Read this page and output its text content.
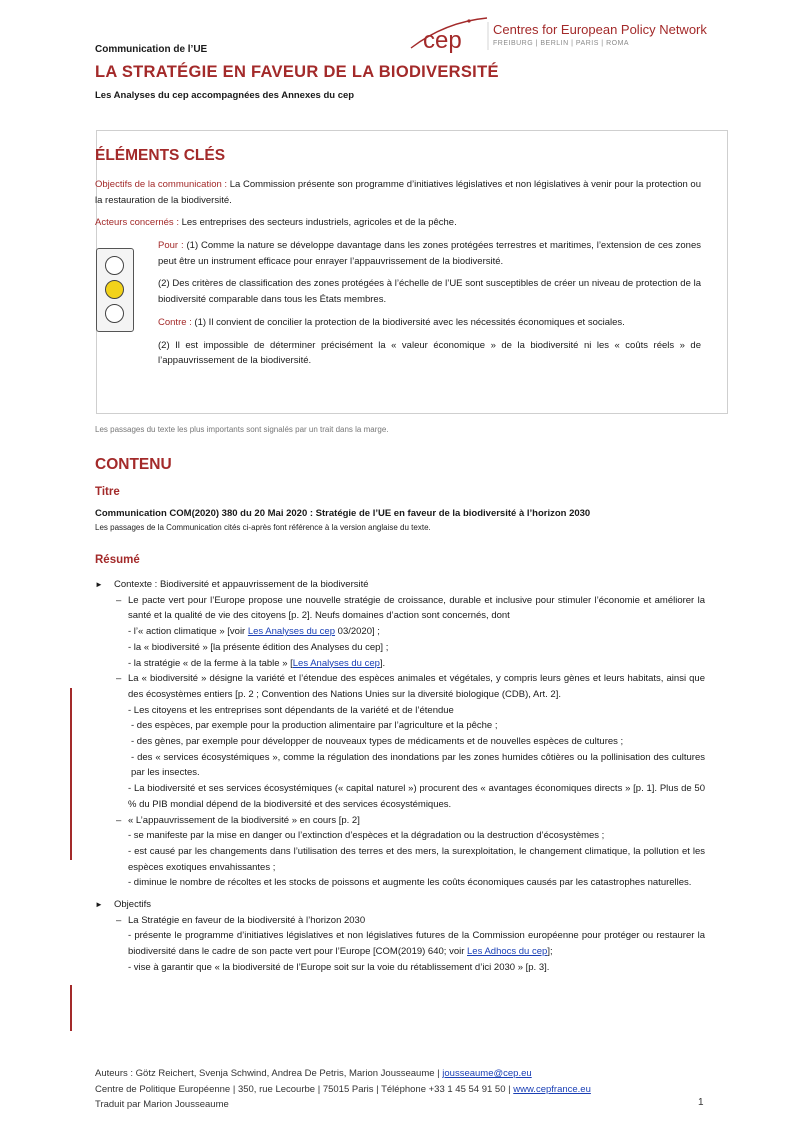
Communication de l’UE
LA STRATÉGIE EN FAVEUR DE LA BIODIVERSITÉ
Les Analyses du cep accompagnées des Annexes du cep
cep Centres for European Policy Network
FREIBURG | BERLIN | PARIS | ROMA
ÉLÉMENTS CLÉS
Objectifs de la communication : La Commission présente son programme d’initiatives législatives et non législatives à venir pour la protection ou la restauration de la biodiversité.
Acteurs concernés : Les entreprises des secteurs industriels, agricoles et de la pêche.

Pour : (1) Comme la nature se développe davantage dans les zones protégées terrestres et maritimes, l’extension de ces zones peut être un instrument efficace pour enrayer l’appauvrissement de la biodiversité.

(2) Des critères de classification des zones protégées à l’échelle de l’UE sont susceptibles de créer un niveau de protection de la biodiversité comparable dans tous les États membres.

Contre : (1) Il convient de concilier la protection de la biodiversité avec les nécessités économiques et sociales.

(2) Il est impossible de déterminer précisément la « valeur économique » de la biodiversité ni les « coûts réels » de l’appauvrissement de la biodiversité.

Les passages du texte les plus importants sont signalés par un trait dans la marge.
CONTENU
Titre
Communication COM(2020) 380 du 20 Mai 2020 : Stratégie de l’UE en faveur de la biodiversité à l’horizon 2030
Les passages de la Communication cités ci-après font référence à la version anglaise du texte.
Résumé
► Contexte : Biodiversité et appauvrissement de la biodiversité
– Le pacte vert pour l’Europe propose une nouvelle stratégie de croissance, durable et inclusive pour stimuler l’économie et améliorer la santé et la qualité de vie des citoyens [p. 2]. Neufs domaines d’action sont concernés, dont
- l’« action climatique » [voir Les Analyses du cep 03/2020] ;
- la « biodiversité » [la présente édition des Analyses du cep] ;
- la stratégie « de la ferme à la table » [Les Analyses du cep].
– La « biodiversité » désigne la variété et l’étendue des espèces animales et végétales, y compris leurs gènes et leurs habitats, ainsi que des écosystèmes entiers [p. 2 ; Convention des Nations Unies sur la diversité biologique (CDB), Art. 2].
- Les citoyens et les entreprises sont dépendants de la variété et de l’étendue
- des espèces, par exemple pour la production alimentaire par l’agriculture et la pêche ;
- des gènes, par exemple pour développer de nouveaux types de médicaments et de nouvelles espèces de cultures ;
- des « services écosystémiques », comme la régulation des inondations par les zones humides côtières ou la pollinisation des cultures par les insectes.
- La biodiversité et ses services écosystémiques (« capital naturel ») procurent des « avantages économiques directs » [p. 1]. Plus de 50 % du PIB mondial dépend de la biodiversité et des services écosystémiques.
– « L’appauvrissement de la biodiversité » en cours [p. 2]
- se manifeste par la mise en danger ou l’extinction d’espèces et la dégradation ou la destruction d’écosystèmes ;
- est causé par les changements dans l’utilisation des terres et des mers, la surexploitation, le changement climatique, la pollution et les espèces exotiques envahissantes ;
- diminue le nombre de récoltes et les stocks de poissons et augmente les coûts économiques causés par les catastrophes naturelles.
► Objectifs
– La Stratégie en faveur de la biodiversité à l’horizon 2030
- présente le programme d’initiatives législatives et non législatives futures de la Commission européenne pour protéger ou restaurer la biodiversité dans le cadre de son pacte vert pour l’Europe [COM(2019) 640; voir Les Adhocs du cep];
- vise à garantir que « la biodiversité de l’Europe soit sur la voie du rétablissement d’ici 2030 » [p. 3].
Auteurs : Götz Reichert, Svenja Schwind, Andrea De Petris, Marion Jousseaume | jousseaume@cep.eu
Centre de Politique Européenne | 350, rue Lecourbe | 75015 Paris | Téléphone +33 1 45 54 91 50 | www.cepfrance.eu
Traduit par Marion Jousseaume	1
